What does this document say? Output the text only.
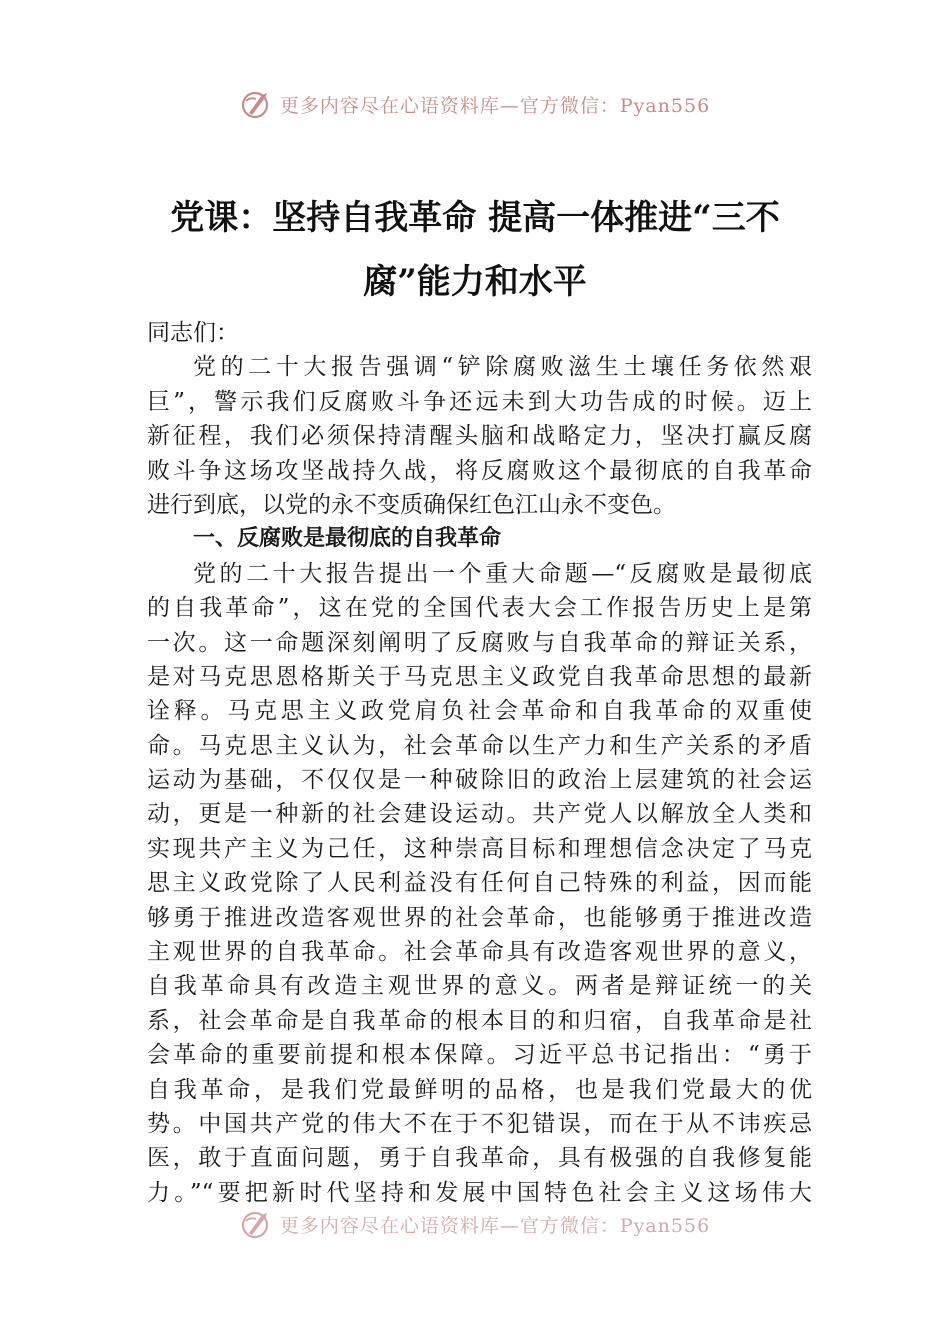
更多内容尽在心语资料库—官方微信：Pyan556
党课：坚持自我革命 提高一体推进“三不
腐”能力和水平
同志们：
党的二十大报告强调“铲除腐败滋生土壤任务依然艰
巨”，警示我们反腐败斗争还远未到大功告成的时候。迈上
新征程，我们必须保持清醒头脑和战略定力，坚决打赢反腐
败斗争这场攻坚战持久战，将反腐败这个最彻底的自我革命
进行到底，以党的永不变质确保红色江山永不变色。
一、反腐败是最彻底的自我革命
党的二十大报告提出一个重大命题—“反腐败是最彻底
的自我革命”，这在党的全国代表大会工作报告历史上是第
一次。这一命题深刻阐明了反腐败与自我革命的辩证关系，
是对马克思恩格斯关于马克思主义政党自我革命思想的最新
诠释。马克思主义政党肩负社会革命和自我革命的双重使
命。马克思主义认为，社会革命以生产力和生产关系的矛盾
运动为基础，不仅仅是一种破除旧的政治上层建筑的社会运
动，更是一种新的社会建设运动。共产党人以解放全人类和
实现共产主义为己任，这种崇高目标和理想信念决定了马克
思主义政党除了人民利益没有任何自己特殊的利益，因而能
够勇于推进改造客观世界的社会革命，也能够勇于推进改造
主观世界的自我革命。社会革命具有改造客观世界的意义，
自我革命具有改造主观世界的意义。两者是辩证统一的关
系，社会革命是自我革命的根本目的和归宿，自我革命是社
会革命的重要前提和根本保障。习近平总书记指出：“勇于
自我革命，是我们党最鲜明的品格，也是我们党最大的优
势。中国共产党的伟大不在于不犯错误，而在于从不讳疾忌
医，敢于直面问题，勇于自我革命，具有极强的自我修复能
力。”“要把新时代坚持和发展中国特色社会主义这场伟大
更多内容尽在心语资料库—官方微信：Pyan556
